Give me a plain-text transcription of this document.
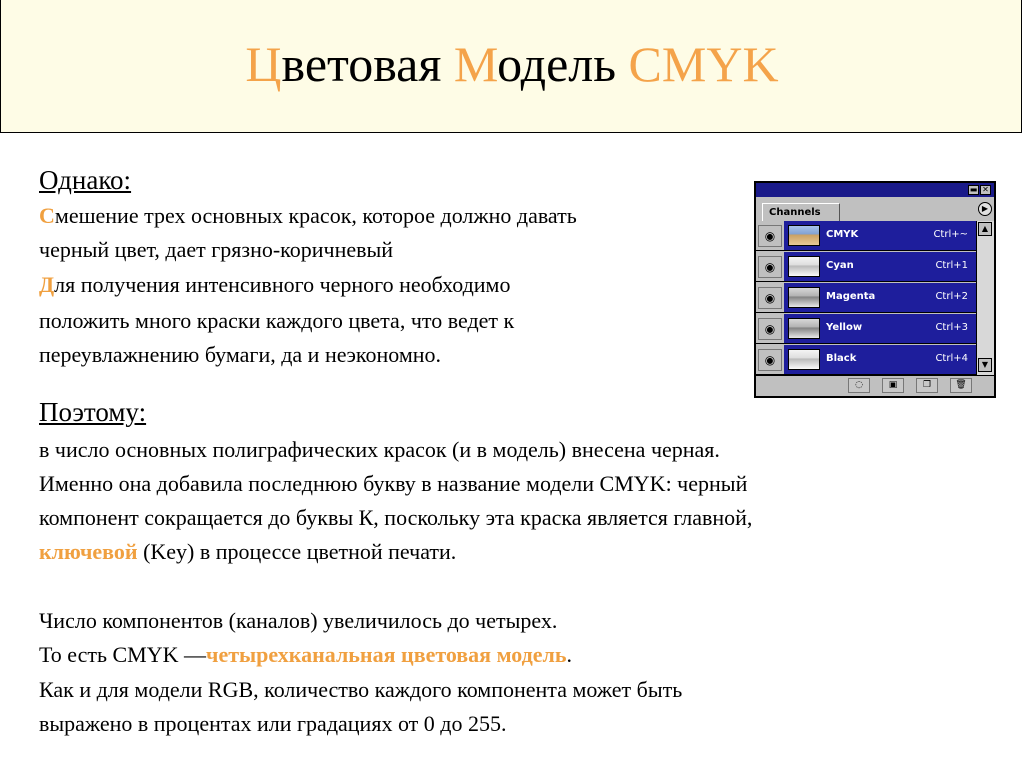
Цветовая Модель CMYK
Однако:
Смешение трех основных красок, которое должно давать
черный цвет, дает грязно-коричневый
Для получения интенсивного черного необходимо
положить много краски каждого цвета, что ведет к
переувлажнению бумаги, да и неэкономно.
Поэтому:
в число основных полиграфических красок (и в модель) внесена черная.
Именно она добавила последнюю букву в название модели CMYK: черный
компонент сокращается до буквы К, поскольку эта краска является главной,
ключевой (Key) в процессе цветной печати.
Число компонентов (каналов) увеличилось до четырех.
То есть CMYK —четырехканальная цветовая модель.
Как и для модели RGB, количество каждого компонента может быть
выражено в процентах или градациях от 0 до 255.
▬ ✕
Channels	▶
◉	CMYK	Ctrl+~
◉	Cyan	Ctrl+1
◉	Magenta	Ctrl+2
◉	Yellow	Ctrl+3
◉	Black	Ctrl+4
▲
▼
◌	▣	❐	🗑
